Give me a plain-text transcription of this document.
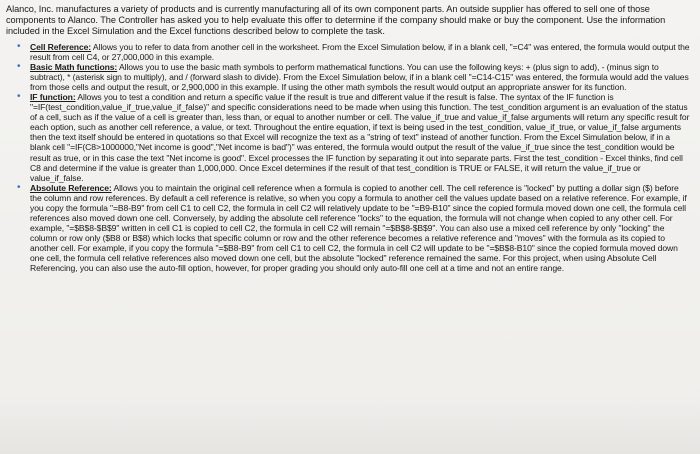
Alanco, Inc. manufactures a variety of products and is currently manufacturing all of its own component parts. An outside supplier has offered to sell one of those components to Alanco. The Controller has asked you to help evaluate this offer to determine if the company should make or buy the component. Use the information included in the Excel Simulation and the Excel functions described below to complete the task.

• Cell Reference: Allows you to refer to data from another cell in the worksheet. From the Excel Simulation below, if in a blank cell, "=C4" was entered, the formula would output the result from cell C4, or 27,000,000 in this example.
• Basic Math functions: Allows you to use the basic math symbols to perform mathematical functions. You can use the following keys: + (plus sign to add), - (minus sign to subtract), * (asterisk sign to multiply), and / (forward slash to divide). From the Excel Simulation below, if in a blank cell "=C14-C15" was entered, the formula would add the values from those cells and output the result, or 2,900,000 in this example. If using the other math symbols the result would output an appropriate answer for its function.
• IF function: Allows you to test a condition and return a specific value if the result is true and different value if the result is false. The syntax of the IF function is "=IF(test_condition,value_if_true,value_if_false)" and specific considerations need to be made when using this function. The test_condition argument is an evaluation of the status of a cell, such as if the value of a cell is greater than, less than, or equal to another number or cell. The value_if_true and value_if_false arguments will return any specific result for each option, such as another cell reference, a value, or text. Throughout the entire equation, if text is being used in the test_condition, value_if_true, or value_if_false arguments then the text itself should be entered in quotations so that Excel will recognize the text as a "string of text" instead of another function. From the Excel Simulation below, if in a blank cell "=IF(C8>1000000,"Net income is good","Net income is bad")" was entered, the formula would output the result of the value_if_true since the test_condition would be result as true, or in this case the text "Net income is good". Excel processes the IF function by separating it out into separate parts. First the test_condition - Excel thinks, find cell C8 and determine if the value is greater than 1,000,000. Once Excel determines if the result of that test_condition is TRUE or FALSE, it will return the value_if_true or value_if_false.
• Absolute Reference: Allows you to maintain the original cell reference when a formula is copied to another cell. The cell reference is "locked" by putting a dollar sign ($) before the column and row references. By default a cell reference is relative, so when you copy a formula to another cell the values update based on a relative reference. For example, if you copy the formula "=B8-B9" from cell C1 to cell C2, the formula in cell C2 will relatively update to be "=B9-B10" since the copied formula moved down one cell, the formula cell references also moved down one cell. Conversely, by adding the absolute cell reference "locks" to the equation, the formula will not change when copied to any other cell. For example, "=$B$8-$B$9" written in cell C1 is copied to cell C2, the formula in cell C2 will remain "=$B$8-$B$9". You can also use a mixed cell reference by only "locking" the column or row only ($B8 or B$8) which locks that specific column or row and the other reference becomes a relative reference and "moves" with the formula as its copied to another cell. For example, if you copy the formula "=$B8-B9" from cell C1 to cell C2, the formula in cell C2 will update to be "=$B$8-B10" since the copied formula moved down one cell, the formula cell relative references also moved down one cell, but the absolute "locked" reference remained the same. For this project, when using Absolute Cell Referencing, you can also use the auto-fill option, however, for proper grading you should only auto-fill one cell at a time and not an entire range.
